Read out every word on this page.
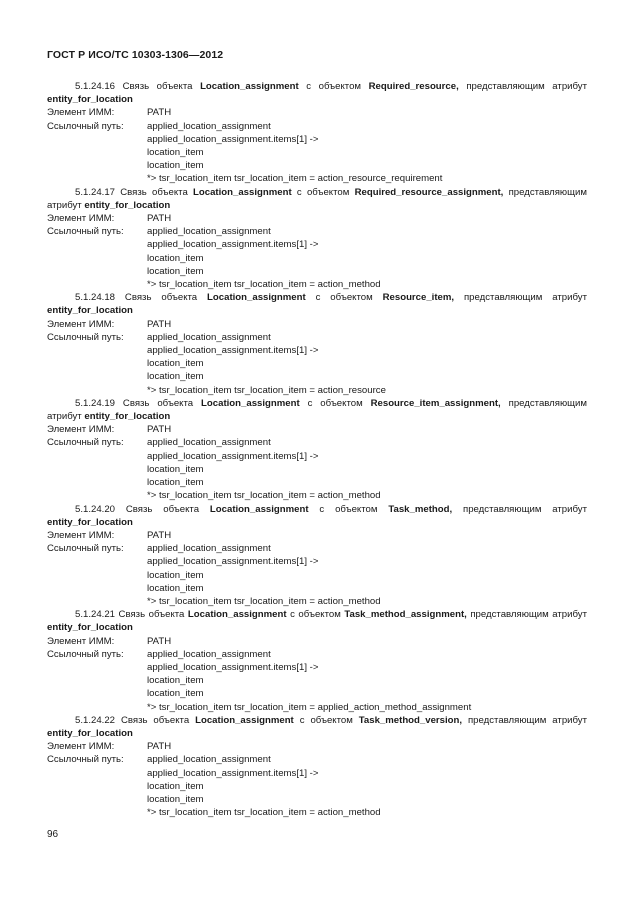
ГОСТ Р ИСО/ТС 10303-1306—2012
5.1.24.16 Связь объекта Location_assignment с объектом Required_resource, представляющим атрибут entity_for_location
Элемент ИММ:	PATH
Ссылочный путь:	applied_location_assignment
applied_location_assignment.items[1] ->
location_item
location_item
*> tsr_location_item tsr_location_item = action_resource_requirement
5.1.24.17 Связь объекта Location_assignment с объектом Required_resource_assignment, представляющим атрибут entity_for_location
Элемент ИММ:	PATH
Ссылочный путь:	applied_location_assignment
applied_location_assignment.items[1] ->
location_item
location_item
*> tsr_location_item tsr_location_item = action_method
5.1.24.18 Связь объекта Location_assignment с объектом Resource_item, представляющим атрибут entity_for_location
Элемент ИММ:	PATH
Ссылочный путь:	applied_location_assignment
applied_location_assignment.items[1] ->
location_item
location_item
*> tsr_location_item tsr_location_item = action_resource
5.1.24.19 Связь объекта Location_assignment с объектом Resource_item_assignment, представляющим атрибут entity_for_location
Элемент ИММ:	PATH
Ссылочный путь:	applied_location_assignment
applied_location_assignment.items[1] ->
location_item
location_item
*> tsr_location_item tsr_location_item = action_method
5.1.24.20 Связь объекта Location_assignment с объектом Task_method, представляющим атрибут entity_for_location
Элемент ИММ:	PATH
Ссылочный путь:	applied_location_assignment
applied_location_assignment.items[1] ->
location_item
location_item
*> tsr_location_item tsr_location_item = action_method
5.1.24.21 Связь объекта Location_assignment с объектом Task_method_assignment, представляющим атрибут entity_for_location
Элемент ИММ:	PATH
Ссылочный путь:	applied_location_assignment
applied_location_assignment.items[1] ->
location_item
location_item
*> tsr_location_item tsr_location_item = applied_action_method_assignment
5.1.24.22 Связь объекта Location_assignment с объектом Task_method_version, представляющим атрибут entity_for_location
Элемент ИММ:	PATH
Ссылочный путь:	applied_location_assignment
applied_location_assignment.items[1] ->
location_item
location_item
*> tsr_location_item tsr_location_item = action_method
96
